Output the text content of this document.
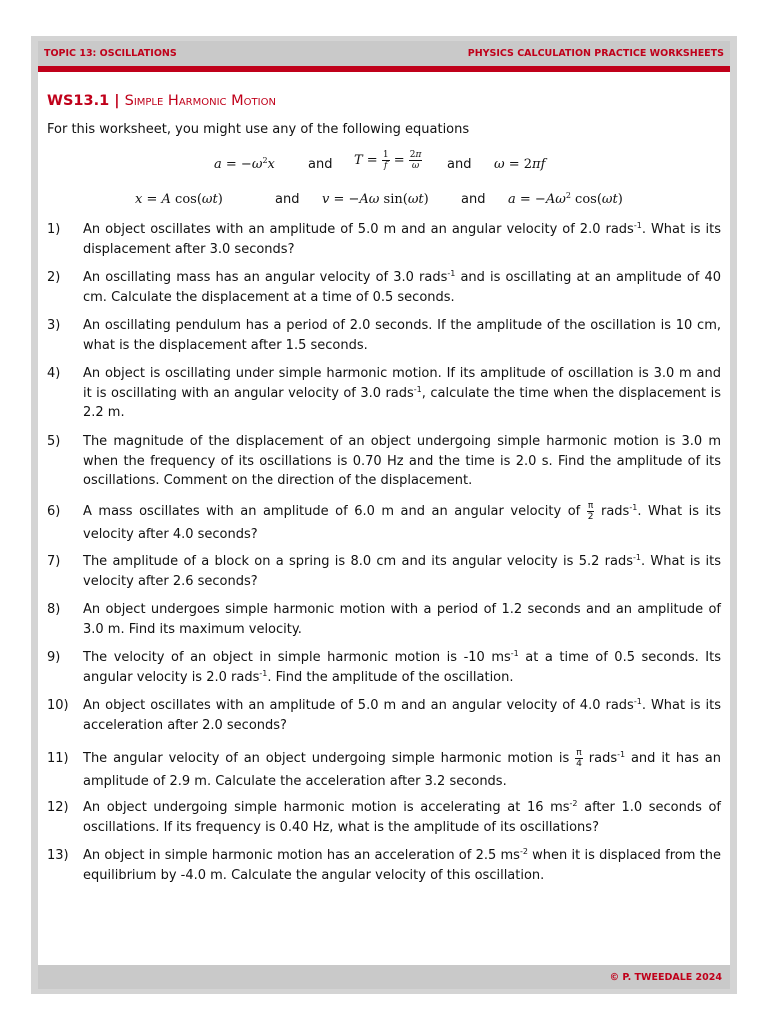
TOPIC 13: OSCILLATIONS	PHYSICS CALCULATION PRACTICE WORKSHEETS
WS13.1 | Simple Harmonic Motion
For this worksheet, you might use any of the following equations
$a = -\omega^2x$	and $T = \frac{1}{f} = \frac{2\pi}{\omega}$ and ω = 2πf
x = A cos(ωt)	and v = −Aω sin(ωt) and $a = -A\omega^2$ cos(ωt)
1) An object oscillates with an amplitude of 5.0 m and an angular velocity of 2.0 rads$^{-1}$. What is its displacement after 3.0 seconds?
2) An oscillating mass has an angular velocity of 3.0 rads$^{-1}$ and is oscillating at an amplitude of 40 cm. Calculate the displacement at a time of 0.5 seconds.
3) An oscillating pendulum has a period of 2.0 seconds. If the amplitude of the oscillation is 10 cm, what is the displacement after 1.5 seconds.
4) An object is oscillating under simple harmonic motion. If its amplitude of oscillation is 3.0 m and it is oscillating with an angular velocity of 3.0 rads$^{-1}$, calculate the time when the displacement is 2.2 m.
5) The magnitude of the displacement of an object undergoing simple harmonic motion is 3.0 m when the frequency of its oscillations is 0.70 Hz and the time is 2.0 s. Find the amplitude of its oscillations. Comment on the direction of the displacement.
6) A mass oscillates with an amplitude of 6.0 m and an angular velocity of $\frac{\pi}{2}$ rads$^{-1}$. What is its velocity after 4.0 seconds?
7) The amplitude of a block on a spring is 8.0 cm and its angular velocity is 5.2 rads$^{-1}$. What is its velocity after 2.6 seconds?
8) An object undergoes simple harmonic motion with a period of 1.2 seconds and an amplitude of 3.0 m. Find its maximum velocity.
9) The velocity of an object in simple harmonic motion is -10 $ms^{-1}$ at a time of 0.5 seconds. Its angular velocity is 2.0 rads$^{-1}$. Find the amplitude of the oscillation.
10) An object oscillates with an amplitude of 5.0 m and an angular velocity of 4.0 rads$^{-1}$. What is its acceleration after 2.0 seconds?
11) The angular velocity of an object undergoing simple harmonic motion is $\frac{\pi}{4}$ rads$^{-1}$ and it has an amplitude of 2.9 m. Calculate the acceleration after 3.2 seconds.
12) An object undergoing simple harmonic motion is accelerating at 16 $ms^{-2}$ after 1.0 seconds of oscillations. If its frequency is 0.40 Hz, what is the amplitude of its oscillations?
13) An object in simple harmonic motion has an acceleration of 2.5 $ms^{-2}$ when it is displaced from the equilibrium by -4.0 m. Calculate the angular velocity of this oscillation.
© P. TWEEDALE 2024
